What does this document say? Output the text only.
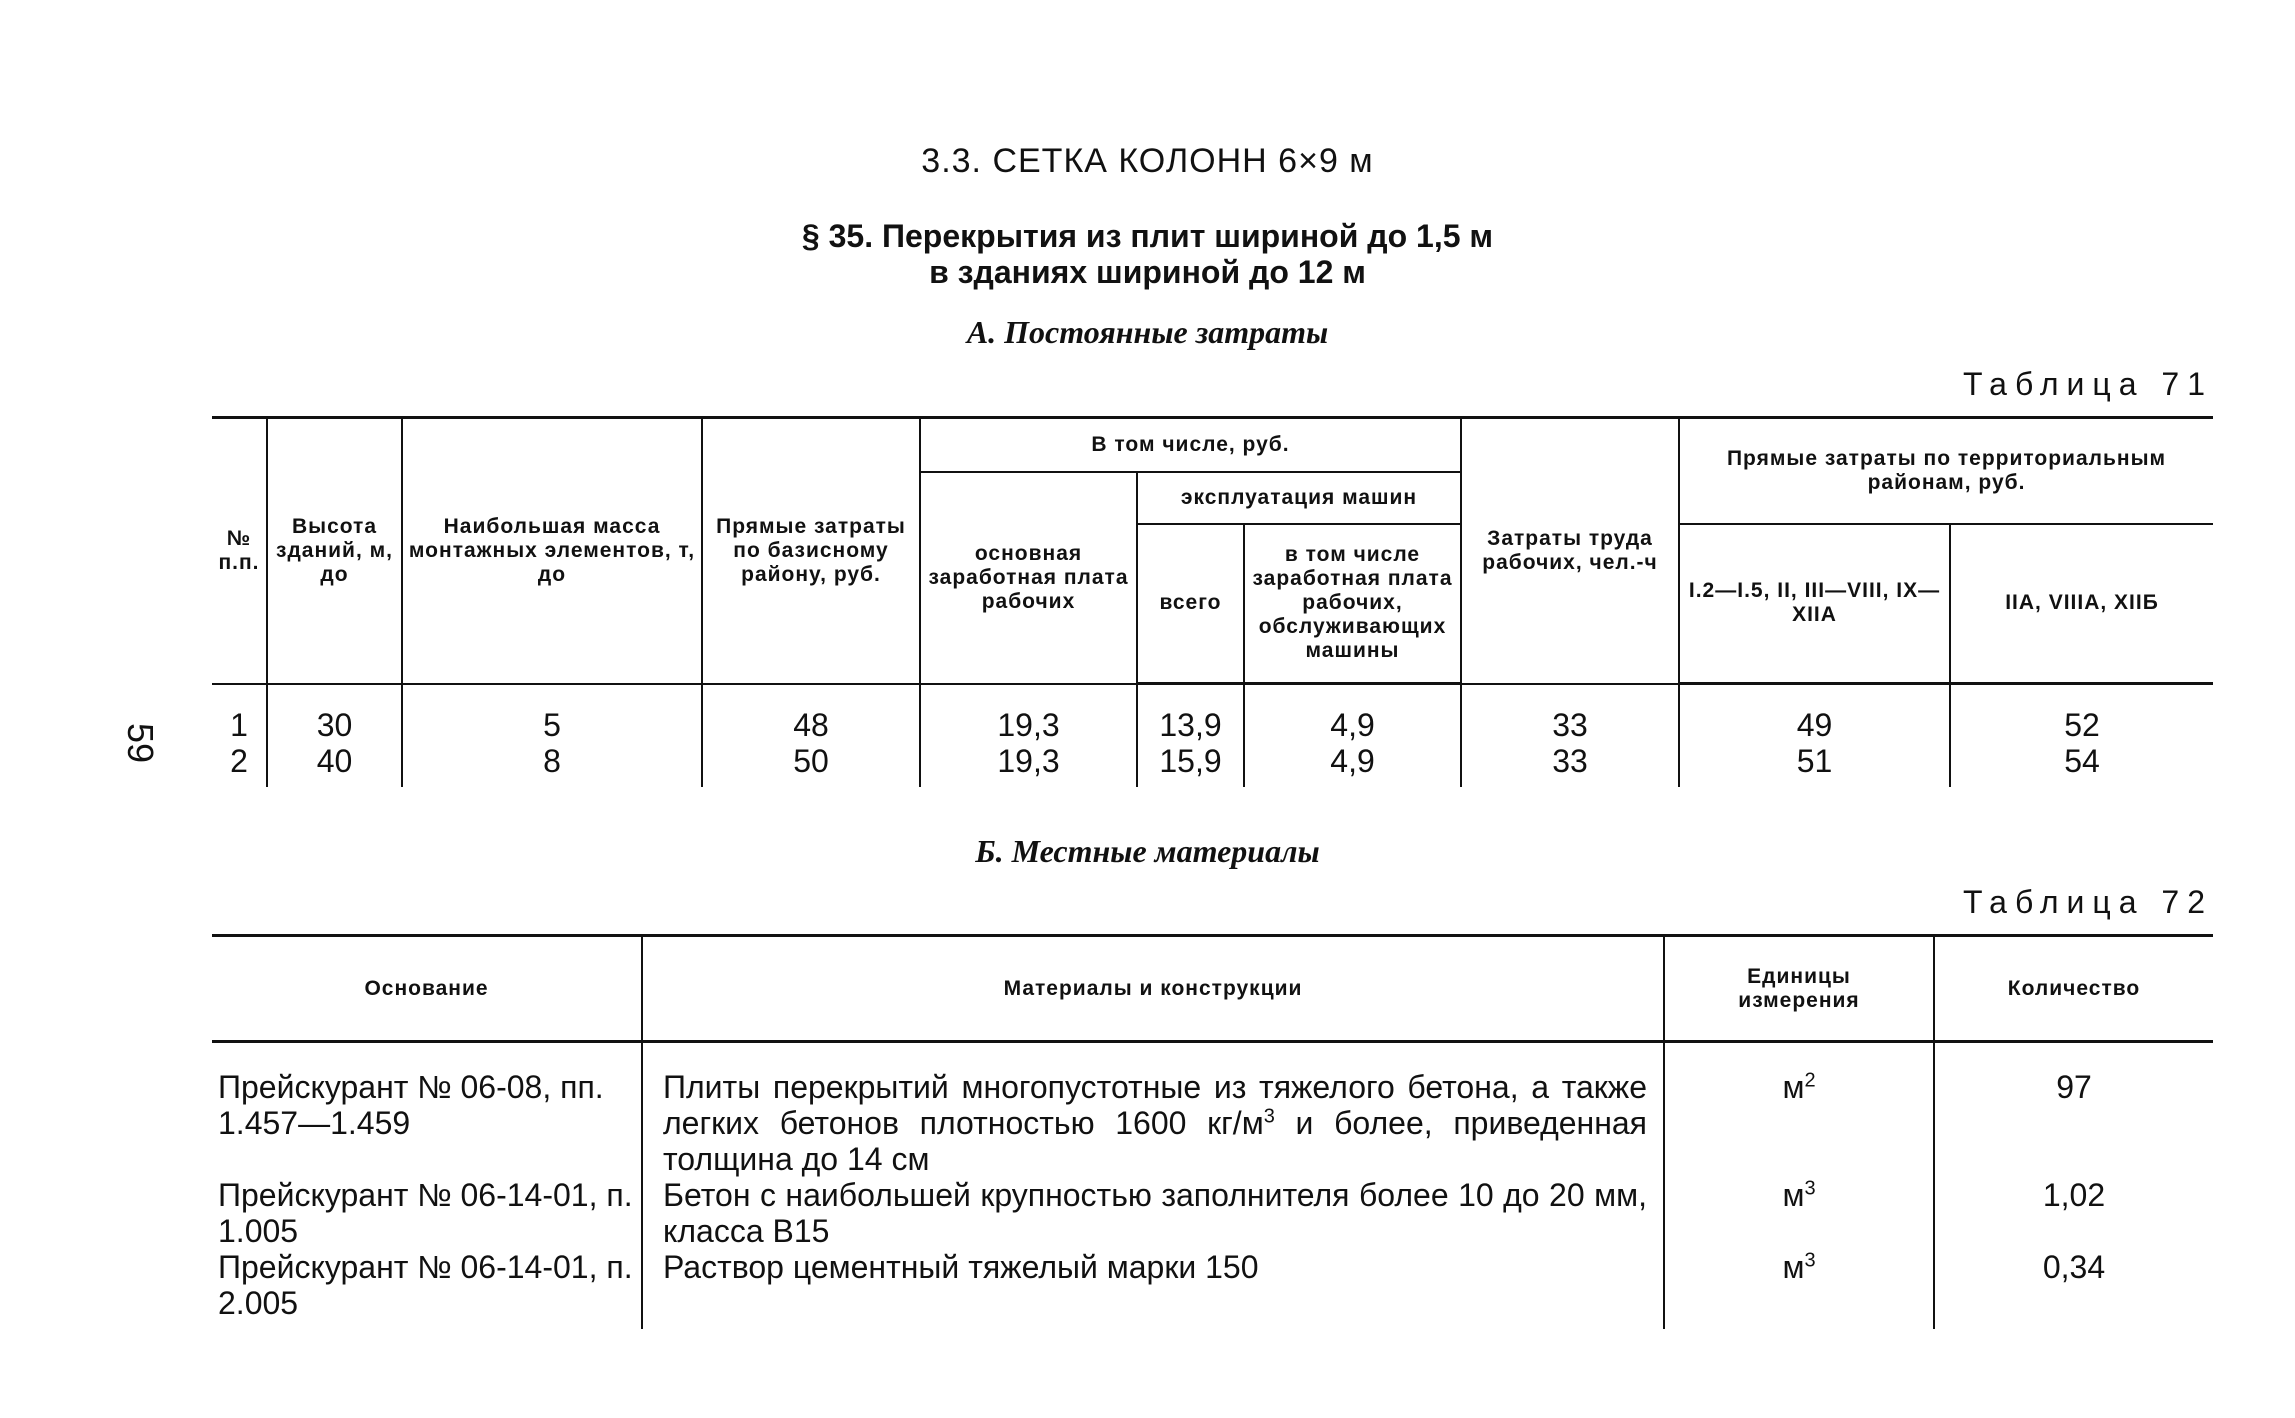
59
3.3. СЕТКА КОЛОНН 6×9 м
§ 35. Перекрытия из плит шириной до 1,5 м
в зданиях шириной до 12 м
А. Постоянные затраты
Таблица 71
№ п.п.	Высота зданий, м, до	Наибольшая масса монтажных элементов, т, до	Прямые затраты по базисному району, руб.	В том числе, руб.			Затраты труда рабочих, чел.-ч	Прямые затраты по территориальным районам, руб.	
				основная заработная плата рабочих	эксплуатация машин				
					всего	в том числе заработная плата рабочих, обслуживающих машины		I.2—I.5, II, III—VIII, IX—XIIА	IIА, VIIIА, XIIБ
1	30	5	48	19,3	13,9	4,9	33	49	52
2	40	8	50	19,3	15,9	4,9	33	51	54
Б. Местные материалы
Таблица 72
Основание	Материалы и конструкции	Единицы измерения	Количество
Прейскурант № 06-08, пп. 1.457—1.459	Плиты перекрытий многопустотные из тяжелого бетона, а также легких бетонов плотностью 1600 $кг/м^3$ и более, приведенная толщина до 14 см	$м^2$	97
Прейскурант № 06-14-01, п. 1.005	Бетон с наибольшей крупностью заполнителя более 10 до 20 мм, класса В15	$м^3$	1,02
Прейскурант № 06-14-01, п. 2.005	Раствор цементный тяжелый марки 150	$м^3$	0,34
